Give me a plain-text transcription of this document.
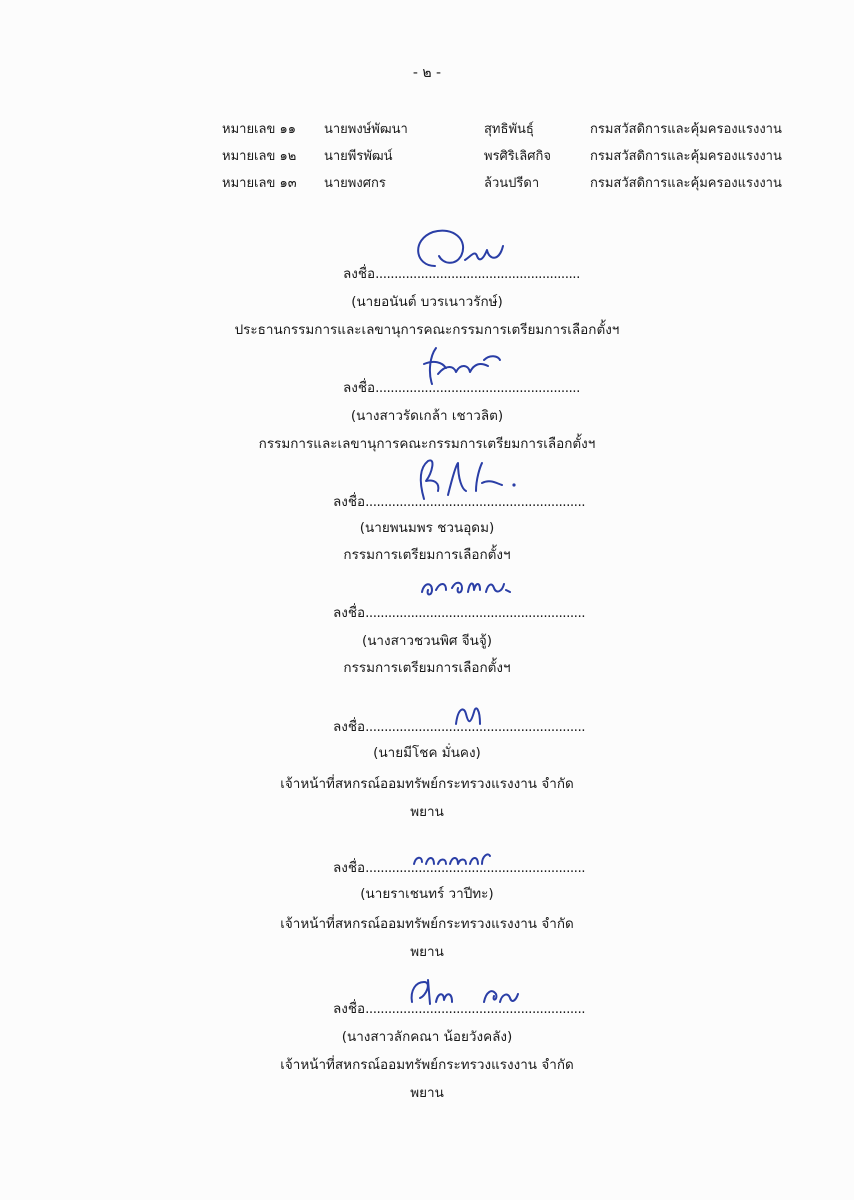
- ๒ -
หมายเลข ๑๑ นายพงษ์พัฒนา	สุทธิพันธุ์	กรมสวัสดิการและคุ้มครองแรงงาน
หมายเลข ๑๒ นายพีรพัฒน์	พรศิริเลิศกิจ	กรมสวัสดิการและคุ้มครองแรงงาน
หมายเลข ๑๓ นายพงศกร	ล้วนปรีดา	กรมสวัสดิการและคุ้มครองแรงงาน
ลงชื่อ......................................................
(นายอนันต์ บวรเนาวรักษ์)
ประธานกรรมการและเลขานุการคณะกรรมการเตรียมการเลือกตั้งฯ
ลงชื่อ......................................................
(นางสาวรัดเกล้า เชาวลิต)
กรรมการและเลขานุการคณะกรรมการเตรียมการเลือกตั้งฯ
ลงชื่อ..........................................................
(นายพนมพร ชวนอุดม)
กรรมการเตรียมการเลือกตั้งฯ
ลงชื่อ..........................................................
(นางสาวชวนพิศ จีนจู้)
กรรมการเตรียมการเลือกตั้งฯ
ลงชื่อ..........................................................
(นายมีโชค มั่นคง)
เจ้าหน้าที่สหกรณ์ออมทรัพย์กระทรวงแรงงาน จำกัด
พยาน
ลงชื่อ..........................................................
(นายราเชนทร์ วาปีทะ)
เจ้าหน้าที่สหกรณ์ออมทรัพย์กระทรวงแรงงาน จำกัด
พยาน
ลงชื่อ..........................................................
(นางสาวลักคณา น้อยวังคลัง)
เจ้าหน้าที่สหกรณ์ออมทรัพย์กระทรวงแรงงาน จำกัด
พยาน
